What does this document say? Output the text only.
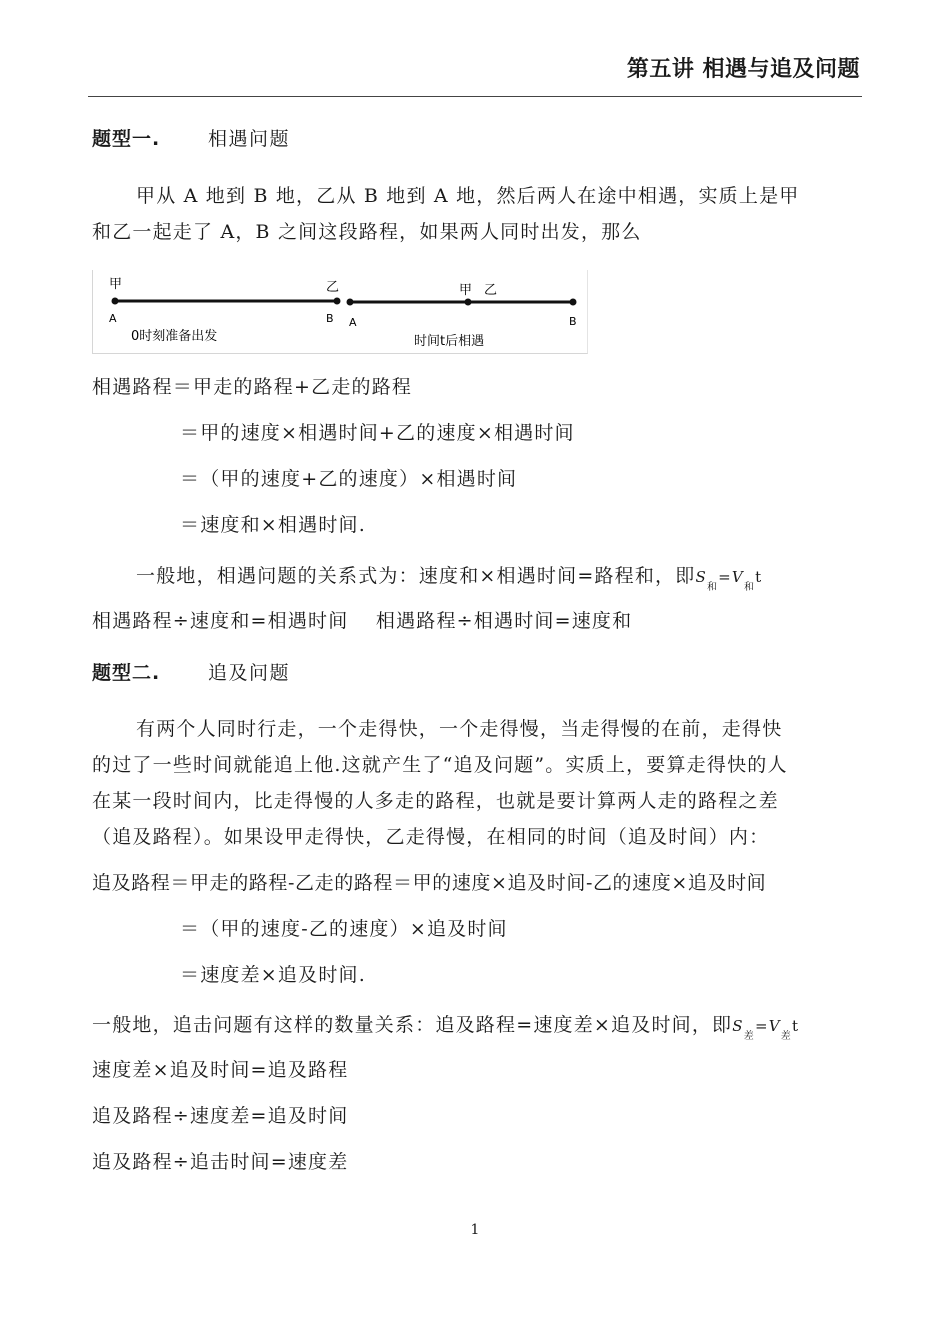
第五讲 相遇与追及问题
题型一.	相遇问题
甲从 A 地到 B 地，乙从 B 地到 A 地，然后两人在途中相遇，实质上是甲
和乙一起走了 A，B 之间这段路程，如果两人同时出发，那么
甲	乙
A	B
0时刻准备出发
甲 乙
A	B
时间t后相遇
相遇路程＝甲走的路程+乙走的路程
＝甲的速度×相遇时间+乙的速度×相遇时间
＝（甲的速度+乙的速度）×相遇时间
＝速度和×相遇时间.
一般地，相遇问题的关系式为：速度和×相遇时间=路程和，即$S_和=V_和t$
相遇路程÷速度和=相遇时间　 相遇路程÷相遇时间=速度和
题型二.	追及问题
有两个人同时行走，一个走得快，一个走得慢，当走得慢的在前，走得快
的过了一些时间就能追上他.这就产生了“追及问题”。实质上，要算走得快的人
在某一段时间内，比走得慢的人多走的路程，也就是要计算两人走的路程之差
（追及路程）。如果设甲走得快，乙走得慢，在相同的时间（追及时间）内：
追及路程＝甲走的路程-乙走的路程＝甲的速度×追及时间-乙的速度×追及时间
＝（甲的速度-乙的速度）×追及时间
＝速度差×追及时间.
一般地，追击问题有这样的数量关系：追及路程=速度差×追及时间，即$S_差=V_差t$
速度差×追及时间=追及路程
追及路程÷速度差=追及时间
追及路程÷追击时间=速度差
1
